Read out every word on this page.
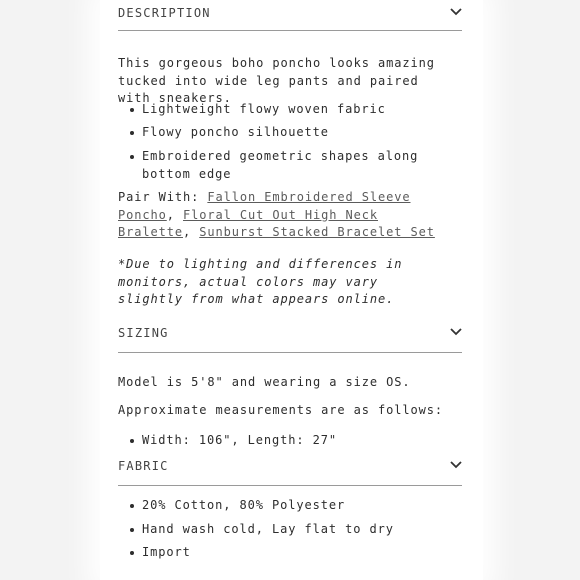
DESCRIPTION

This gorgeous boho poncho looks amazing tucked into wide leg pants and paired with sneakers.

Lightweight flowy woven fabric
Flowy poncho silhouette
Embroidered geometric shapes along bottom edge

Pair With: Fallon Embroidered Sleeve Poncho, Floral Cut Out High Neck Bralette, Sunburst Stacked Bracelet Set

*Due to lighting and differences in monitors, actual colors may vary slightly from what appears online.

SIZING

Model is 5'8" and wearing a size OS.

Approximate measurements are as follows:

Width: 106", Length: 27"
FABRIC
20% Cotton, 80% Polyester
Hand wash cold, Lay flat to dry
Import
